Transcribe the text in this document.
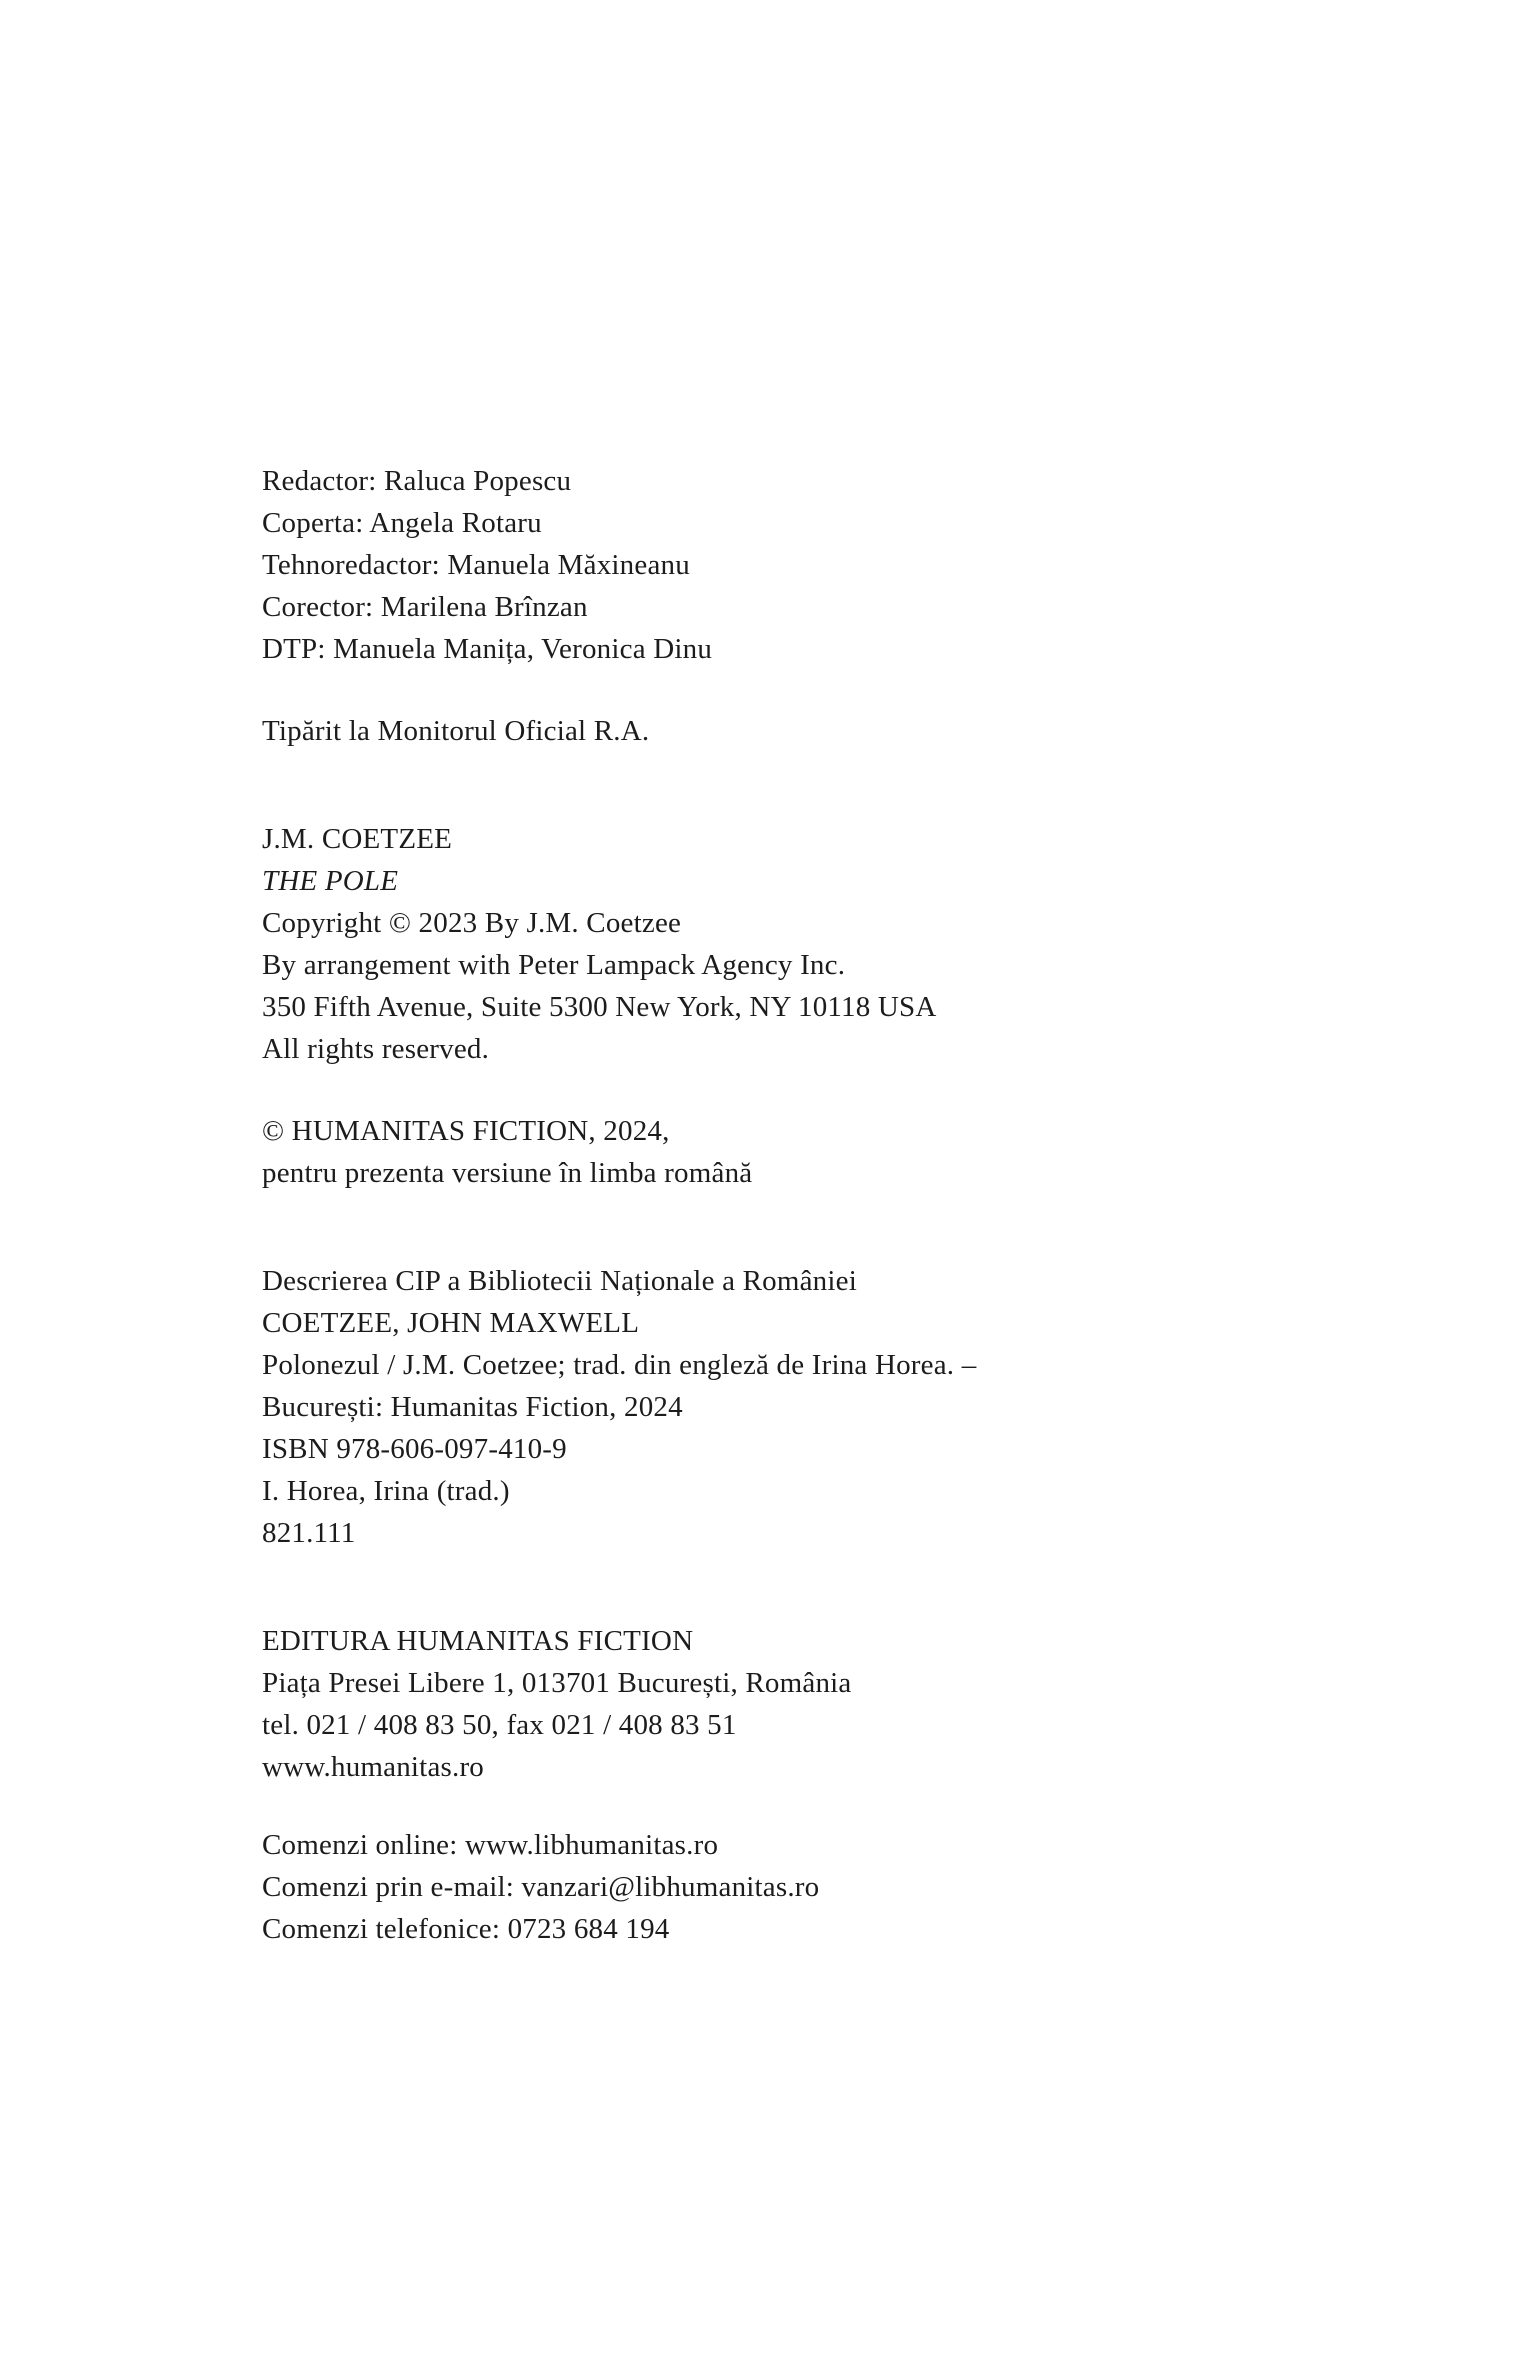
Redactor: Raluca Popescu
Coperta: Angela Rotaru
Tehnoredactor: Manuela Măxineanu
Corector: Marilena Brînzan
DTP: Manuela Manița, Veronica Dinu
Tipărit la Monitorul Oficial R.A.
J.M. COETZEE
THE POLE
Copyright © 2023 By J.M. Coetzee
By arrangement with Peter Lampack Agency Inc.
350 Fifth Avenue, Suite 5300 New York, NY 10118 USA
All rights reserved.
© HUMANITAS FICTION, 2024,
pentru prezenta versiune în limba română
Descrierea CIP a Bibliotecii Naționale a României
COETZEE, JOHN MAXWELL
Polonezul / J.M. Coetzee; trad. din engleză de Irina Horea. –
București: Humanitas Fiction, 2024
ISBN 978-606-097-410-9
I. Horea, Irina (trad.)
821.111
EDITURA HUMANITAS FICTION
Piața Presei Libere 1, 013701 București, România
tel. 021 / 408 83 50, fax 021 / 408 83 51
www.humanitas.ro
Comenzi online: www.libhumanitas.ro
Comenzi prin e-mail: vanzari@libhumanitas.ro
Comenzi telefonice: 0723 684 194
